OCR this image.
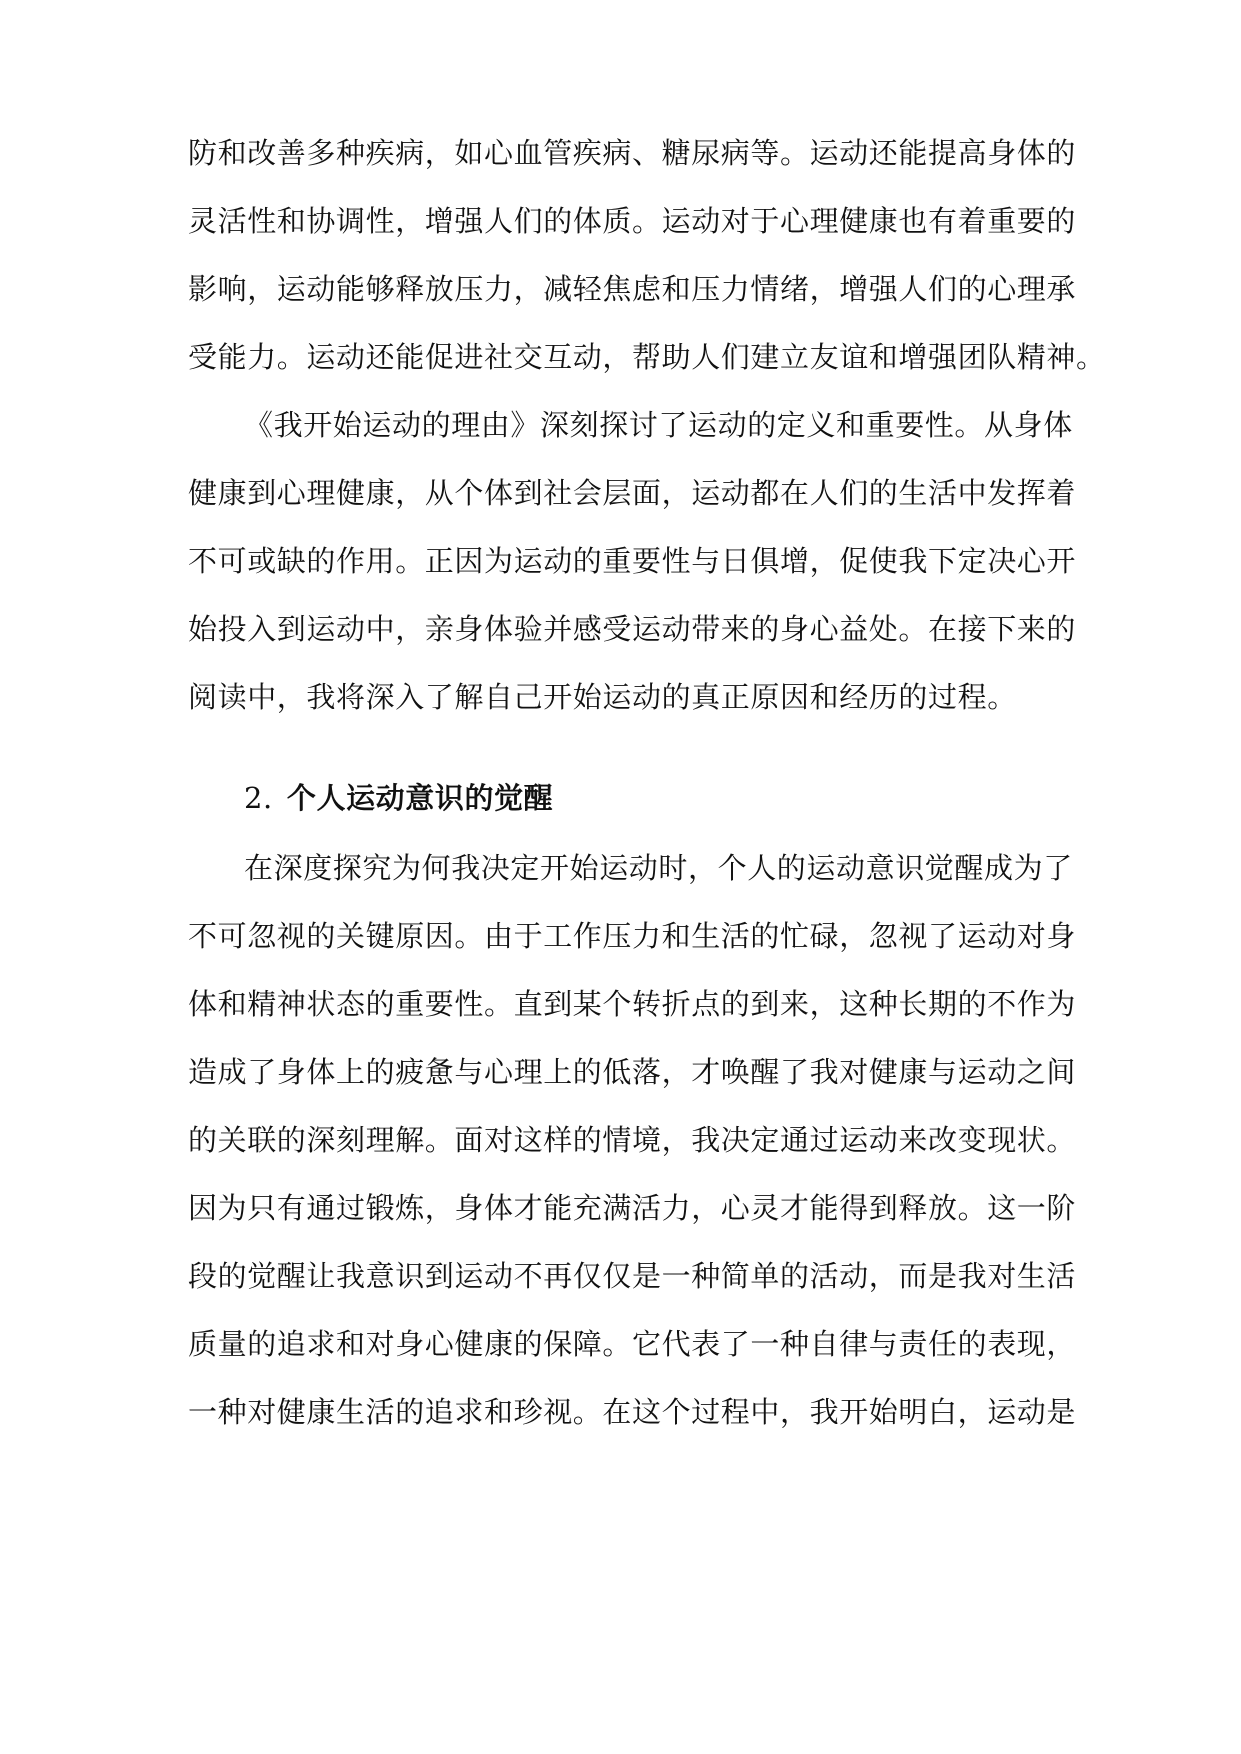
防和改善多种疾病，如心血管疾病、糖尿病等。运动还能提高身体的
灵活性和协调性，增强人们的体质。运动对于心理健康也有着重要的
影响，运动能够释放压力，减轻焦虑和压力情绪，增强人们的心理承
受能力。运动还能促进社交互动，帮助人们建立友谊和增强团队精神。
《我开始运动的理由》深刻探讨了运动的定义和重要性。从身体
健康到心理健康，从个体到社会层面，运动都在人们的生活中发挥着
不可或缺的作用。正因为运动的重要性与日俱增，促使我下定决心开
始投入到运动中，亲身体验并感受运动带来的身心益处。在接下来的
阅读中，我将深入了解自己开始运动的真正原因和经历的过程。
2. 个人运动意识的觉醒
在深度探究为何我决定开始运动时，个人的运动意识觉醒成为了
不可忽视的关键原因。由于工作压力和生活的忙碌，忽视了运动对身
体和精神状态的重要性。直到某个转折点的到来，这种长期的不作为
造成了身体上的疲惫与心理上的低落，才唤醒了我对健康与运动之间
的关联的深刻理解。面对这样的情境，我决定通过运动来改变现状。
因为只有通过锻炼，身体才能充满活力，心灵才能得到释放。这一阶
段的觉醒让我意识到运动不再仅仅是一种简单的活动，而是我对生活
质量的追求和对身心健康的保障。它代表了一种自律与责任的表现，
一种对健康生活的追求和珍视。在这个过程中，我开始明白，运动是
